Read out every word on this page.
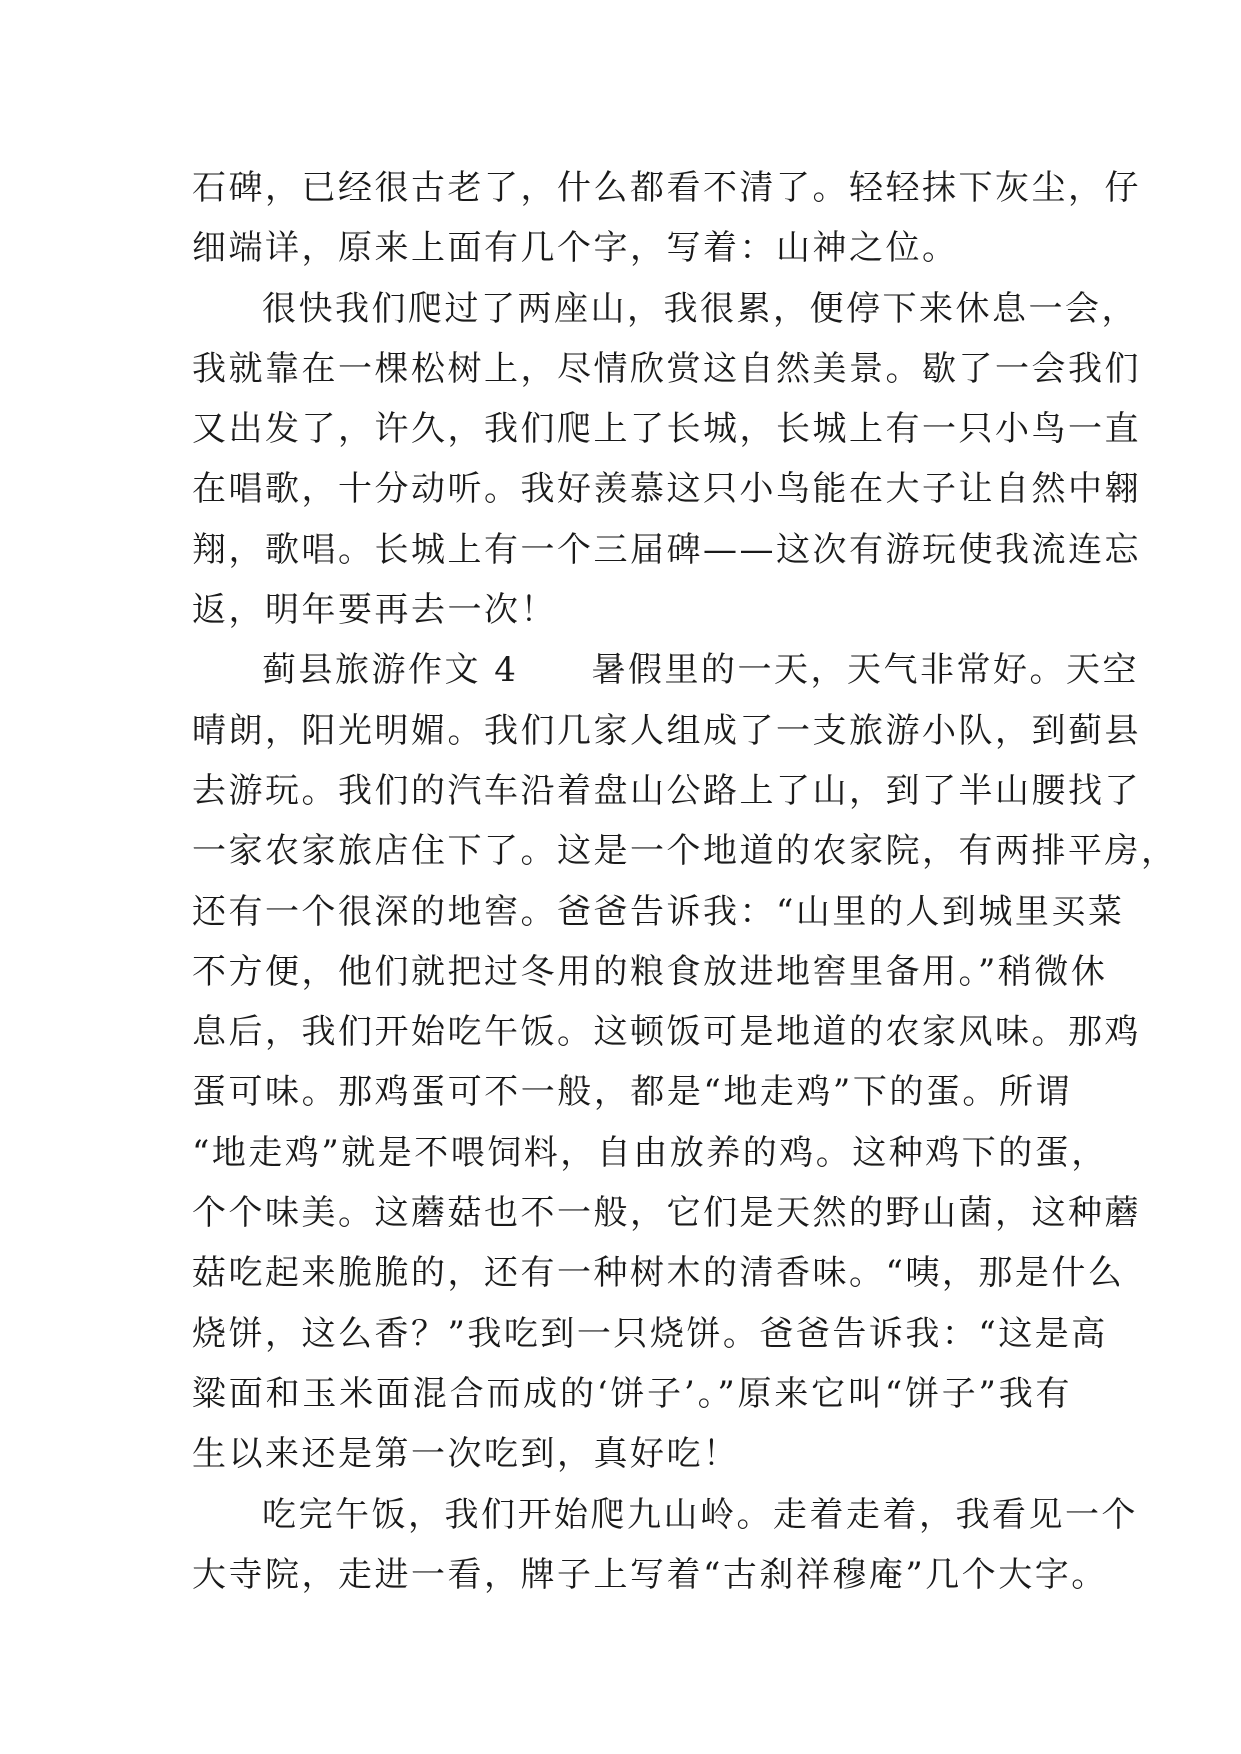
石碑，已经很古老了，什么都看不清了。轻轻抹下灰尘，仔
细端详，原来上面有几个字，写着：山神之位。
很快我们爬过了两座山，我很累，便停下来休息一会，
我就靠在一棵松树上，尽情欣赏这自然美景。歇了一会我们
又出发了，许久，我们爬上了长城，长城上有一只小鸟一直
在唱歌，十分动听。我好羡慕这只小鸟能在大子让自然中翱
翔，歌唱。长城上有一个三届碑——这次有游玩使我流连忘
返，明年要再去一次！
蓟县旅游作文 4　　暑假里的一天，天气非常好。天空
晴朗，阳光明媚。我们几家人组成了一支旅游小队，到蓟县
去游玩。我们的汽车沿着盘山公路上了山，到了半山腰找了
一家农家旅店住下了。这是一个地道的农家院，有两排平房，
还有一个很深的地窖。爸爸告诉我：“山里的人到城里买菜
不方便，他们就把过冬用的粮食放进地窖里备用。”稍微休
息后，我们开始吃午饭。这顿饭可是地道的农家风味。那鸡
蛋可味。那鸡蛋可不一般，都是“地走鸡”下的蛋。所谓
“地走鸡”就是不喂饲料，自由放养的鸡。这种鸡下的蛋，
个个味美。这蘑菇也不一般，它们是天然的野山菌，这种蘑
菇吃起来脆脆的，还有一种树木的清香味。“咦，那是什么
烧饼，这么香？”我吃到一只烧饼。爸爸告诉我：“这是高
粱面和玉米面混合而成的‘饼子’。”原来它叫“饼子”我有
生以来还是第一次吃到，真好吃！
吃完午饭，我们开始爬九山岭。走着走着，我看见一个
大寺院，走进一看，牌子上写着“古刹祥穆庵”几个大字。
